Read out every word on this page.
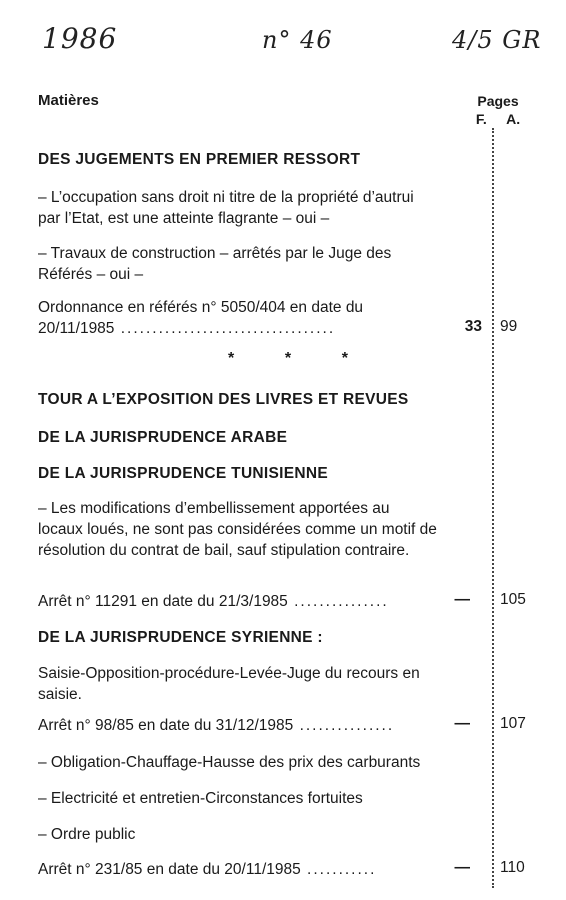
1986	n° 46	4/5 GR
Matières	Pages
F. A.
DES JUGEMENTS EN PREMIER RESSORT
– L’occupation sans droit ni titre de la propriété d’autrui par l’Etat, est une atteinte flagrante – oui –
– Travaux de construction – arrêtés par le Juge des Référés – oui –
Ordonnance en référés n° 5050/404 en date du
20/11/1985 ..................................	33 99
*	*	*
TOUR A L’EXPOSITION DES LIVRES ET REVUES
DE LA JURISPRUDENCE ARABE
DE LA JURISPRUDENCE TUNISIENNE
– Les modifications d’embellissement apportées au locaux loués, ne sont pas considérées comme un motif de résolution du contrat de bail, sauf stipulation contraire.
Arrêt n° 11291 en date du 21/3/1985 ...............	— 105
DE LA JURISPRUDENCE SYRIENNE :
Saisie-Opposition-procédure-Levée-Juge du recours en saisie.
Arrêt n° 98/85 en date du 31/12/1985 ...............	— 107
– Obligation-Chauffage-Hausse des prix des carburants
– Electricité et entretien-Circonstances fortuites
– Ordre public
Arrêt n° 231/85 en date du 20/11/1985 ...........	— 110
